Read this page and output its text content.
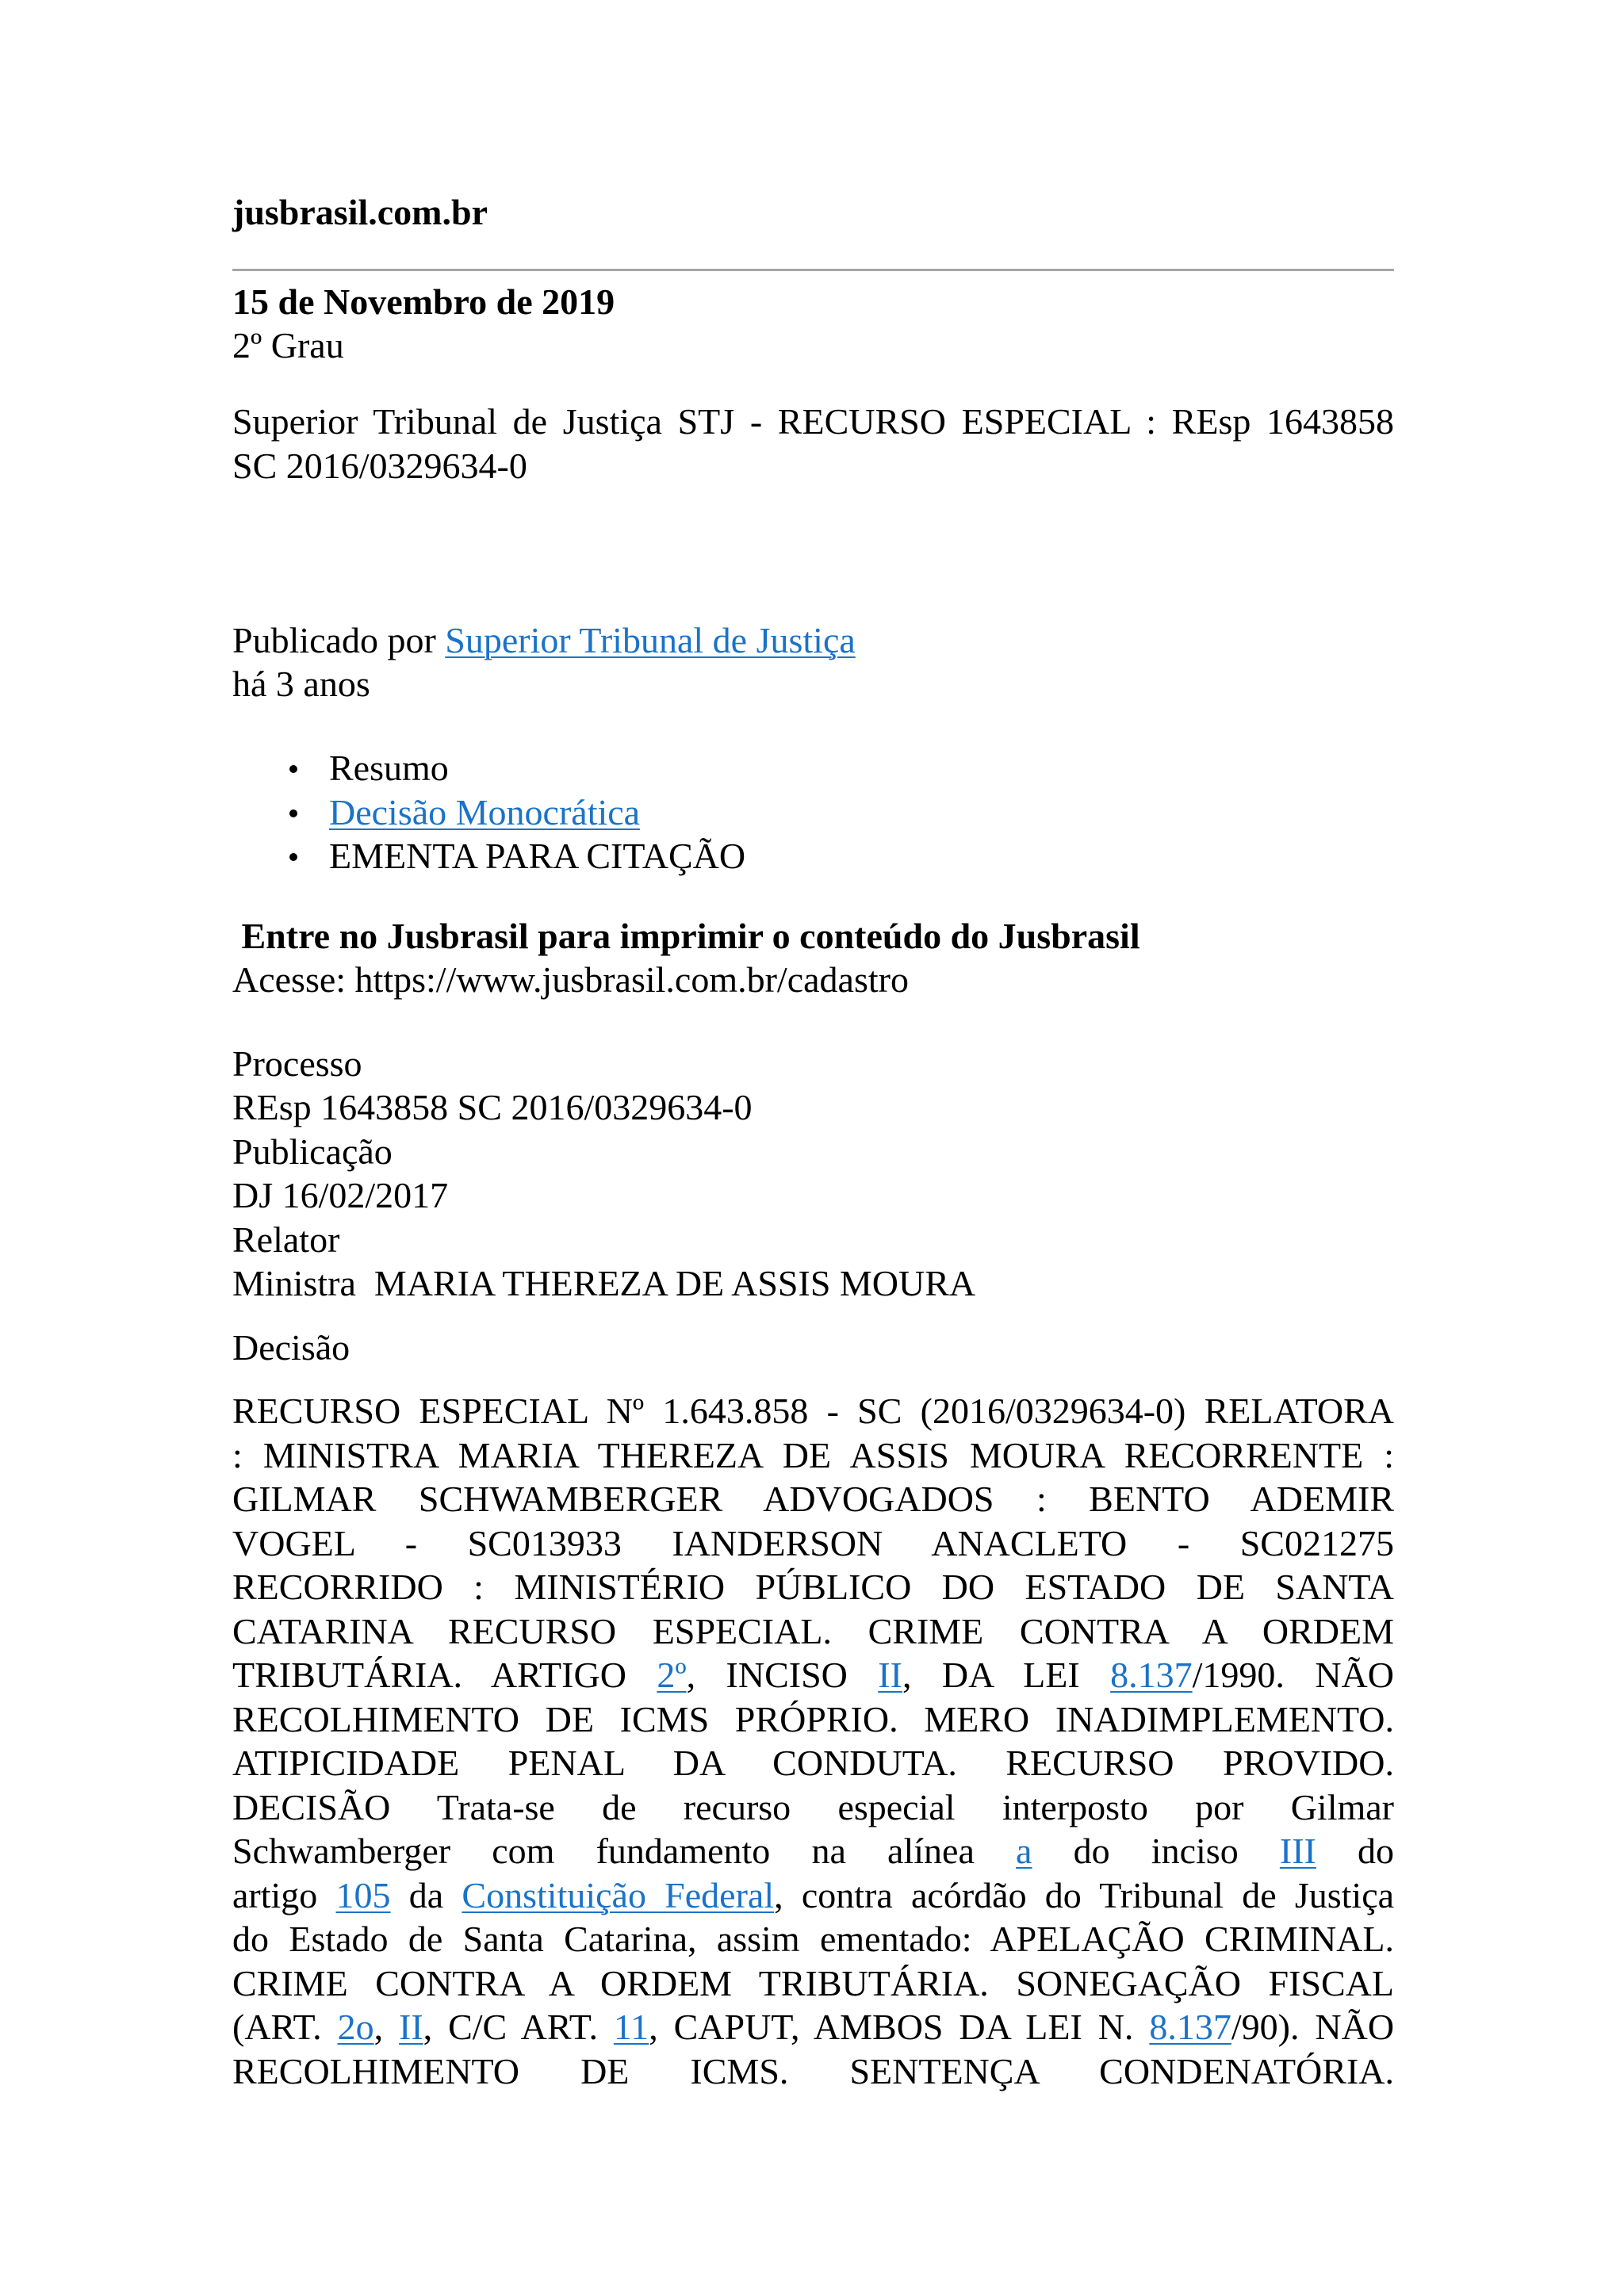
jusbrasil.com.br
15 de Novembro de 2019
2º Grau
Superior Tribunal de Justiça STJ - RECURSO ESPECIAL : REsp 1643858
SC 2016/0329634-0
Publicado por Superior Tribunal de Justiça
há 3 anos
Resumo
Decisão Monocrática
EMENTA PARA CITAÇÃO
Entre no Jusbrasil para imprimir o conteúdo do Jusbrasil
Acesse: https://www.jusbrasil.com.br/cadastro
Processo
REsp 1643858 SC 2016/0329634-0
Publicação
DJ 16/02/2017
Relator
Ministra  MARIA THEREZA DE ASSIS MOURA
Decisão
RECURSO ESPECIAL Nº 1.643.858 - SC (2016/0329634-0) RELATORA
: MINISTRA MARIA THEREZA DE ASSIS MOURA RECORRENTE :
GILMAR SCHWAMBERGER ADVOGADOS : BENTO ADEMIR
VOGEL - SC013933 IANDERSON ANACLETO - SC021275
RECORRIDO : MINISTÉRIO PÚBLICO DO ESTADO DE SANTA
CATARINA RECURSO ESPECIAL. CRIME CONTRA A ORDEM
TRIBUTÁRIA. ARTIGO 2º, INCISO II, DA LEI 8.137/1990. NÃO
RECOLHIMENTO DE ICMS PRÓPRIO. MERO INADIMPLEMENTO.
ATIPICIDADE PENAL DA CONDUTA. RECURSO PROVIDO.
DECISÃO Trata-se de recurso especial interposto por Gilmar
Schwamberger com fundamento na alínea a do inciso III do
artigo 105 da Constituição Federal, contra acórdão do Tribunal de Justiça
do Estado de Santa Catarina, assim ementado: APELAÇÃO CRIMINAL.
CRIME CONTRA A ORDEM TRIBUTÁRIA. SONEGAÇÃO FISCAL
(ART. 2o, II, C/C ART. 11, CAPUT, AMBOS DA LEI N. 8.137/90). NÃO
RECOLHIMENTO DE ICMS. SENTENÇA CONDENATÓRIA.
